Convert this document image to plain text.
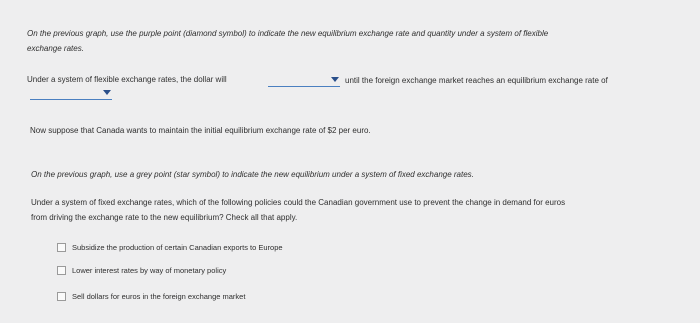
On the previous graph, use the purple point (diamond symbol) to indicate the new equilibrium exchange rate and quantity under a system of flexible
exchange rates.
Under a system of flexible exchange rates, the dollar will	until the foreign exchange market reaches an equilibrium exchange rate of
Now suppose that Canada wants to maintain the initial equilibrium exchange rate of $2 per euro.
On the previous graph, use a grey point (star symbol) to indicate the new equilibrium under a system of fixed exchange rates.
Under a system of fixed exchange rates, which of the following policies could the Canadian government use to prevent the change in demand for euros
from driving the exchange rate to the new equilibrium? Check all that apply.
Subsidize the production of certain Canadian exports to Europe
Lower interest rates by way of monetary policy
Sell dollars for euros in the foreign exchange market
